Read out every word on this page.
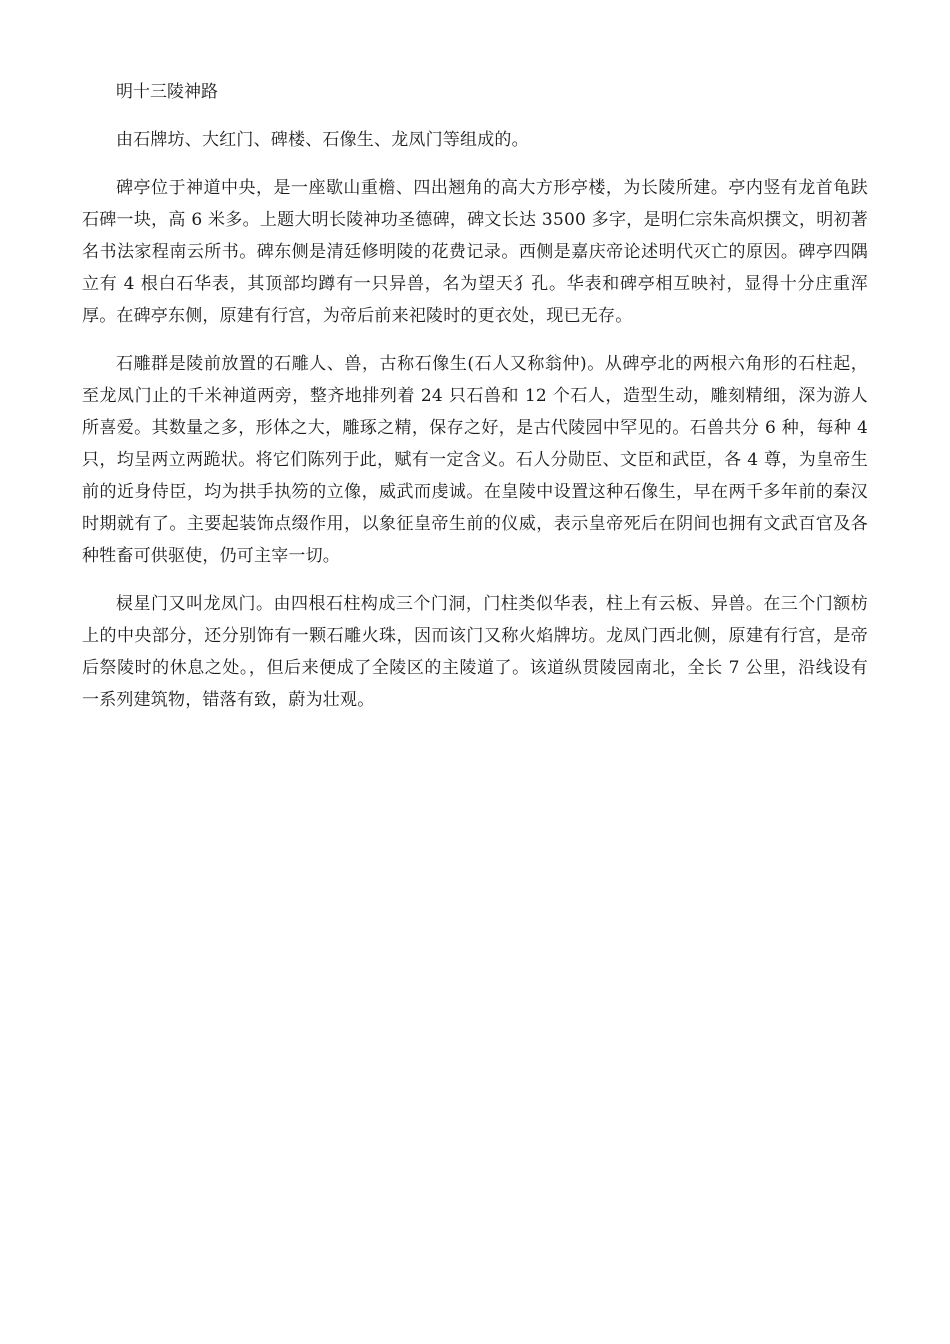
明十三陵神路

由石牌坊、大红门、碑楼、石像生、龙凤门等组成的。

碑亭位于神道中央，是一座歇山重檐、四出翘角的高大方形亭楼，为长陵所建。亭内竖有龙首龟趺石碑一块，高 6 米多。上题大明长陵神功圣德碑，碑文长达 3500 多字，是明仁宗朱高炽撰文，明初著名书法家程南云所书。碑东侧是清廷修明陵的花费记录。西侧是嘉庆帝论述明代灭亡的原因。碑亭四隅立有 4 根白石华表，其顶部均蹲有一只异兽，名为望天犭孔。华表和碑亭相互映衬，显得十分庄重浑厚。在碑亭东侧，原建有行宫，为帝后前来祀陵时的更衣处，现已无存。

石雕群是陵前放置的石雕人、兽，古称石像生(石人又称翁仲)。从碑亭北的两根六角形的石柱起，至龙凤门止的千米神道两旁，整齐地排列着 24 只石兽和 12 个石人，造型生动，雕刻精细，深为游人所喜爱。其数量之多，形体之大，雕琢之精，保存之好，是古代陵园中罕见的。石兽共分 6 种，每种 4 只，均呈两立两跪状。将它们陈列于此，赋有一定含义。石人分勋臣、文臣和武臣，各 4 尊，为皇帝生前的近身侍臣，均为拱手执笏的立像，威武而虔诚。在皇陵中设置这种石像生，早在两千多年前的秦汉时期就有了。主要起装饰点缀作用，以象征皇帝生前的仪威，表示皇帝死后在阴间也拥有文武百官及各种牲畜可供驱使，仍可主宰一切。

棂星门又叫龙凤门。由四根石柱构成三个门洞，门柱类似华表，柱上有云板、异兽。在三个门额枋上的中央部分，还分别饰有一颗石雕火珠，因而该门又称火焰牌坊。龙凤门西北侧，原建有行宫，是帝后祭陵时的休息之处。，但后来便成了全陵区的主陵道了。该道纵贯陵园南北，全长 7 公里，沿线设有一系列建筑物，错落有致，蔚为壮观。
